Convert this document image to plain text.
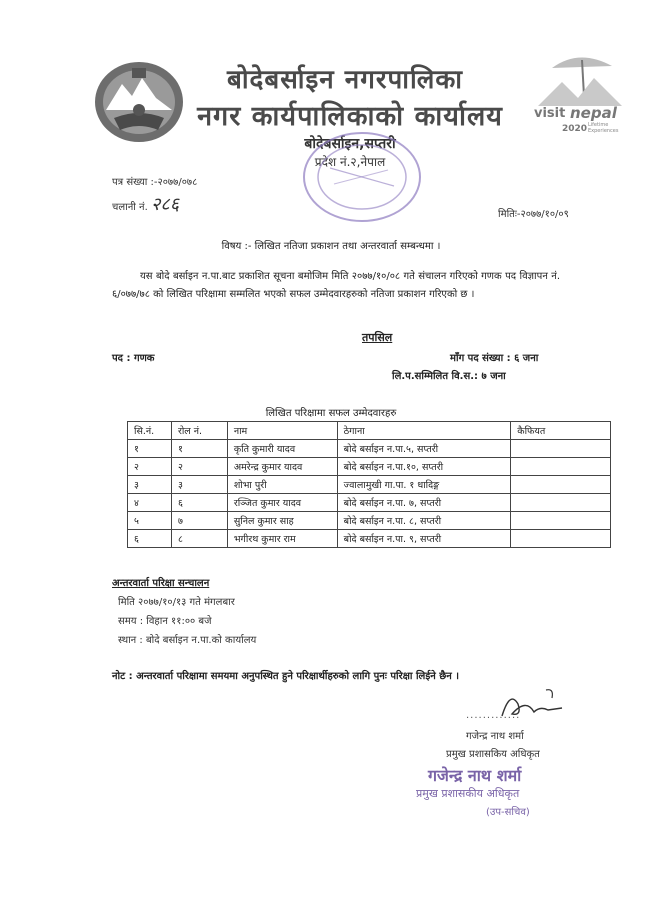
visit nepal
2020 Lifetime Experiences
बोदेबर्साइन नगरपालिका
नगर कार्यपालिकाको कार्यालय
बोदेबर्साइन,सप्तरी
प्रदेश नं.२,नेपाल
पत्र संख्या :-२०७७/०७८
चलानी नं. २८६	मितिः-२०७७/१०/०९
विषय :- लिखित नतिजा प्रकाशन तथा अन्तरवार्ता सम्बन्धमा ।
यस बोदे बर्साइन न.पा.बाट प्रकाशित सूचना बमोजिम मिति २०७७/१०/०८ गते संचालन गरिएको गणक पद विज्ञापन नं. ६/०७७/७८ को लिखित परिक्षामा सम्मलित भएको सफल उम्मेदवारहरुको नतिजा प्रकाशन गरिएको छ ।
तपसिल
पद : गणक	माँग पद संख्या : ६ जना
लि.प.सम्मिलित वि.स.: ७ जना
लिखित परिक्षामा सफल उम्मेदवारहरु
सि.नं.	रोल नं.	नाम	ठेगाना	कैफियत
१	१	कृति कुमारी यादव	बोदे बर्साइन न.पा.५, सप्तरी	
२	२	अमरेन्द्र कुमार यादव	बोदे बर्साइन न.पा.१०, सप्तरी	
३	३	शोभा पुरी	ज्वालामुखी गा.पा. १ धादिङ्ग	
४	६	रञ्जित कुमार यादव	बोदे बर्साइन न.पा. ७, सप्तरी	
५	७	सुनिल कुमार साह	बोदे बर्साइन न.पा. ८, सप्तरी	
६	८	भगीरथ कुमार राम	बोदे बर्साइन न.पा. ९, सप्तरी	
अन्तरवार्ता परिक्षा सन्चालन
मिति २०७७/१०/१३ गते मंगलबार
समय : विहान ११:०० बजे
स्थान : बोदे बर्साइन न.पा.को कार्यालय
नोट : अन्तरवार्ता परिक्षामा समयमा अनुपस्थित हुने परिक्षार्थीहरुको लागि पुनः परिक्षा लिईने छैन ।
.............
गजेन्द्र नाथ शर्मा
प्रमुख प्रशासकिय अधिकृत
गजेन्द्र नाथ शर्मा
प्रमुख प्रशासकीय अधिकृत
(उप-सचिव)
